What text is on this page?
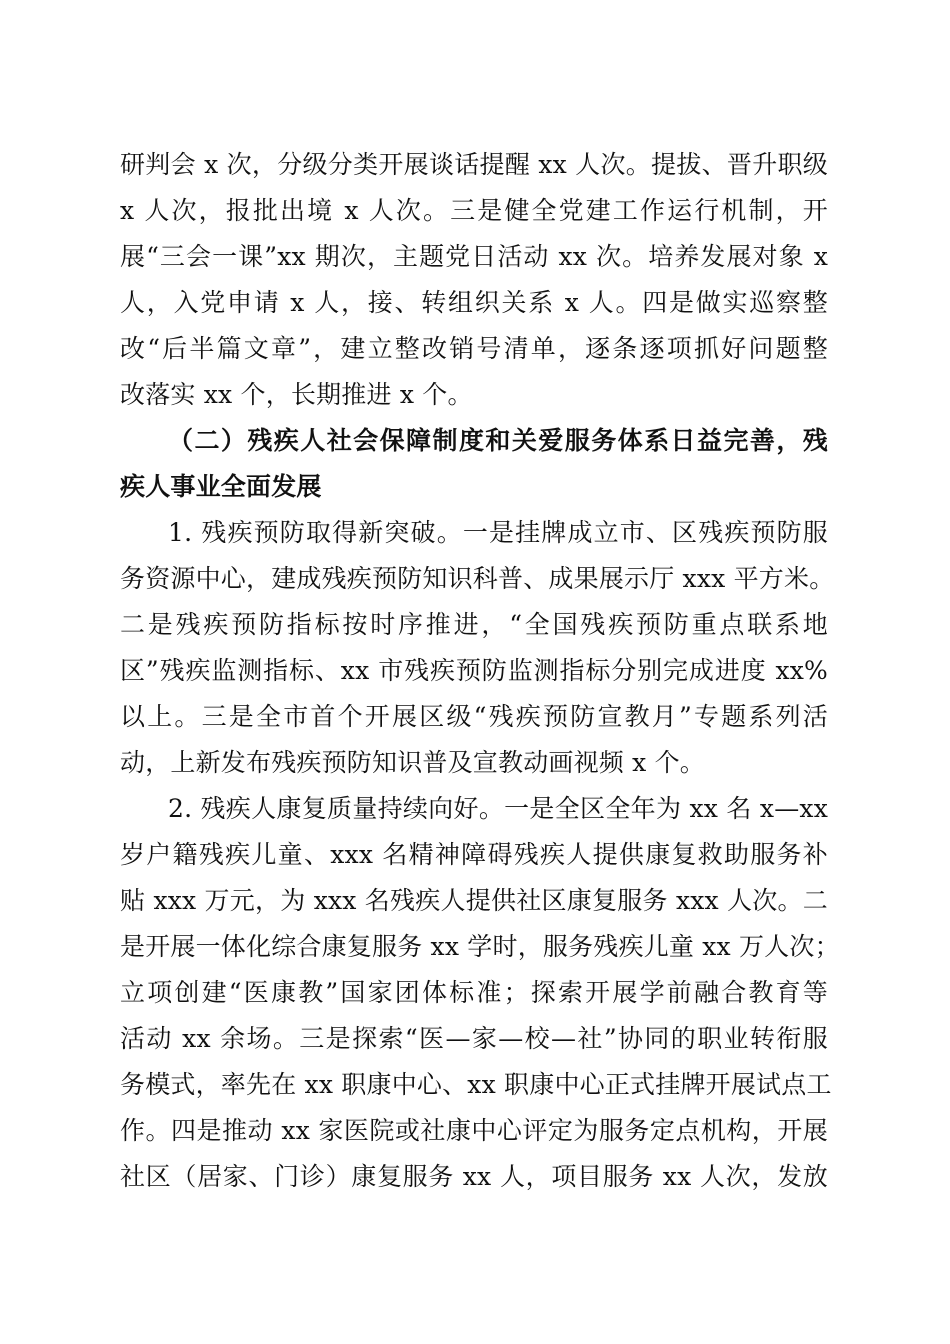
研判会 x 次，分级分类开展谈话提醒 xx 人次。提拔、晋升职级
x 人次，报批出境 x 人次。三是健全党建工作运行机制，开
展“三会一课”xx 期次，主题党日活动 xx 次。培养发展对象 x
人，入党申请 x 人，接、转组织关系 x 人。四是做实巡察整
改“后半篇文章”，建立整改销号清单，逐条逐项抓好问题整
改落实 xx 个，长期推进 x 个。
（二）残疾人社会保障制度和关爱服务体系日益完善，残
疾人事业全面发展
1. 残疾预防取得新突破。一是挂牌成立市、区残疾预防服
务资源中心，建成残疾预防知识科普、成果展示厅 xxx 平方米。
二是残疾预防指标按时序推进，“全国残疾预防重点联系地
区”残疾监测指标、xx 市残疾预防监测指标分别完成进度 xx%
以上。三是全市首个开展区级“残疾预防宣教月”专题系列活
动，上新发布残疾预防知识普及宣教动画视频 x 个。
2. 残疾人康复质量持续向好。一是全区全年为 xx 名 x—xx
岁户籍残疾儿童、xxx 名精神障碍残疾人提供康复救助服务补
贴 xxx 万元，为 xxx 名残疾人提供社区康复服务 xxx 人次。二
是开展一体化综合康复服务 xx 学时，服务残疾儿童 xx 万人次；
立项创建“医康教”国家团体标准；探索开展学前融合教育等
活动 xx 余场。三是探索“医—家—校—社”协同的职业转衔服
务模式，率先在 xx 职康中心、xx 职康中心正式挂牌开展试点工
作。四是推动 xx 家医院或社康中心评定为服务定点机构，开展
社区（居家、门诊）康复服务 xx 人，项目服务 xx 人次，发放
